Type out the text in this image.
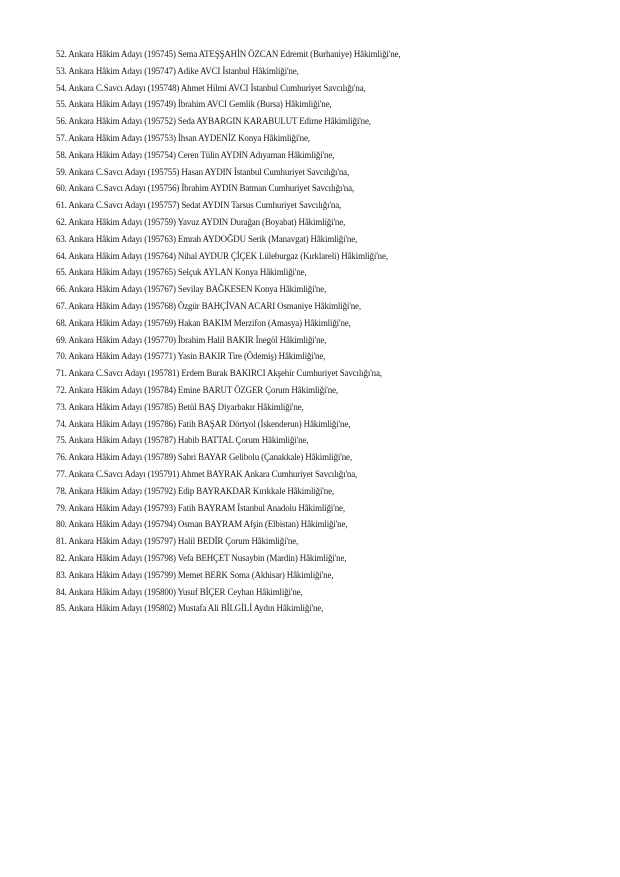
52. Ankara Hâkim Adayı (195745) Sema ATEŞŞAHİN ÖZCAN Edremit (Burhaniye) Hâkimliği'ne,
53. Ankara Hâkim Adayı (195747) Adike AVCI İstanbul Hâkimliği'ne,
54. Ankara C.Savcı Adayı (195748) Ahmet Hilmi AVCI İstanbul Cumhuriyet Savcılığı'na,
55. Ankara Hâkim Adayı (195749) İbrahim AVCI Gemlik (Bursa) Hâkimliği'ne,
56. Ankara Hâkim Adayı (195752) Seda AYBARGIN KARABULUT Edirne Hâkimliği'ne,
57. Ankara Hâkim Adayı (195753) İhsan AYDENİZ Konya Hâkimliği'ne,
58. Ankara Hâkim Adayı (195754) Ceren Tülin AYDIN Adıyaman Hâkimliği'ne,
59. Ankara C.Savcı Adayı (195755) Hasan AYDIN İstanbul Cumhuriyet Savcılığı'na,
60. Ankara C.Savcı Adayı (195756) İbrahim AYDIN Batman Cumhuriyet Savcılığı'na,
61. Ankara C.Savcı Adayı (195757) Sedat AYDIN Tarsus Cumhuriyet Savcılığı'na,
62. Ankara Hâkim Adayı (195759) Yavuz AYDIN Durağan (Boyabat) Hâkimliği'ne,
63. Ankara Hâkim Adayı (195763) Emrah AYDOĞDU Serik (Manavgat) Hâkimliği'ne,
64. Ankara Hâkim Adayı (195764) Nihal AYDUR ÇİÇEK Lüleburgaz (Kırklareli) Hâkimliği'ne,
65. Ankara Hâkim Adayı (195765) Selçuk AYLAN Konya Hâkimliği'ne,
66. Ankara Hâkim Adayı (195767) Sevilay BAĞKESEN Konya Hâkimliği'ne,
67. Ankara Hâkim Adayı (195768) Özgür BAHÇİVAN ACARI Osmaniye Hâkimliği'ne,
68. Ankara Hâkim Adayı (195769) Hakan BAKIM Merzifon (Amasya) Hâkimliği'ne,
69. Ankara Hâkim Adayı (195770) İbrahim Halil BAKIR İnegöl Hâkimliği'ne,
70. Ankara Hâkim Adayı (195771) Yasin BAKIR Tire (Ödemiş) Hâkimliği'ne,
71. Ankara C.Savcı Adayı (195781) Erdem Burak BAKIRCI Akşehir Cumhuriyet Savcılığı'na,
72. Ankara Hâkim Adayı (195784) Emine BARUT ÖZGER Çorum Hâkimliği'ne,
73. Ankara Hâkim Adayı (195785) Betül BAŞ Diyarbakır Hâkimliği'ne,
74. Ankara Hâkim Adayı (195786) Fatih BAŞAR Dörtyol (İskenderun) Hâkimliği'ne,
75. Ankara Hâkim Adayı (195787) Habib BATTAL Çorum Hâkimliği'ne,
76. Ankara Hâkim Adayı (195789) Sabri BAYAR Gelibolu (Çanakkale) Hâkimliği'ne,
77. Ankara C.Savcı Adayı (195791) Ahmet BAYRAK Ankara Cumhuriyet Savcılığı'na,
78. Ankara Hâkim Adayı (195792) Edip BAYRAKDAR Kırıkkale Hâkimliği'ne,
79. Ankara Hâkim Adayı (195793) Fatih BAYRAM İstanbul Anadolu Hâkimliği'ne,
80. Ankara Hâkim Adayı (195794) Osman BAYRAM Afşin (Elbistan) Hâkimliği'ne,
81. Ankara Hâkim Adayı (195797) Halil BEDİR Çorum Hâkimliği'ne,
82. Ankara Hâkim Adayı (195798) Vefa BEHÇET Nusaybin (Mardin) Hâkimliği'ne,
83. Ankara Hâkim Adayı (195799) Memet BERK Soma (Akhisar) Hâkimliği'ne,
84. Ankara Hâkim Adayı (195800) Yusuf BİÇER Ceyhan Hâkimliği'ne,
85. Ankara Hâkim Adayı (195802) Mustafa Ali BİLGİLİ Aydın Hâkimliği'ne,
